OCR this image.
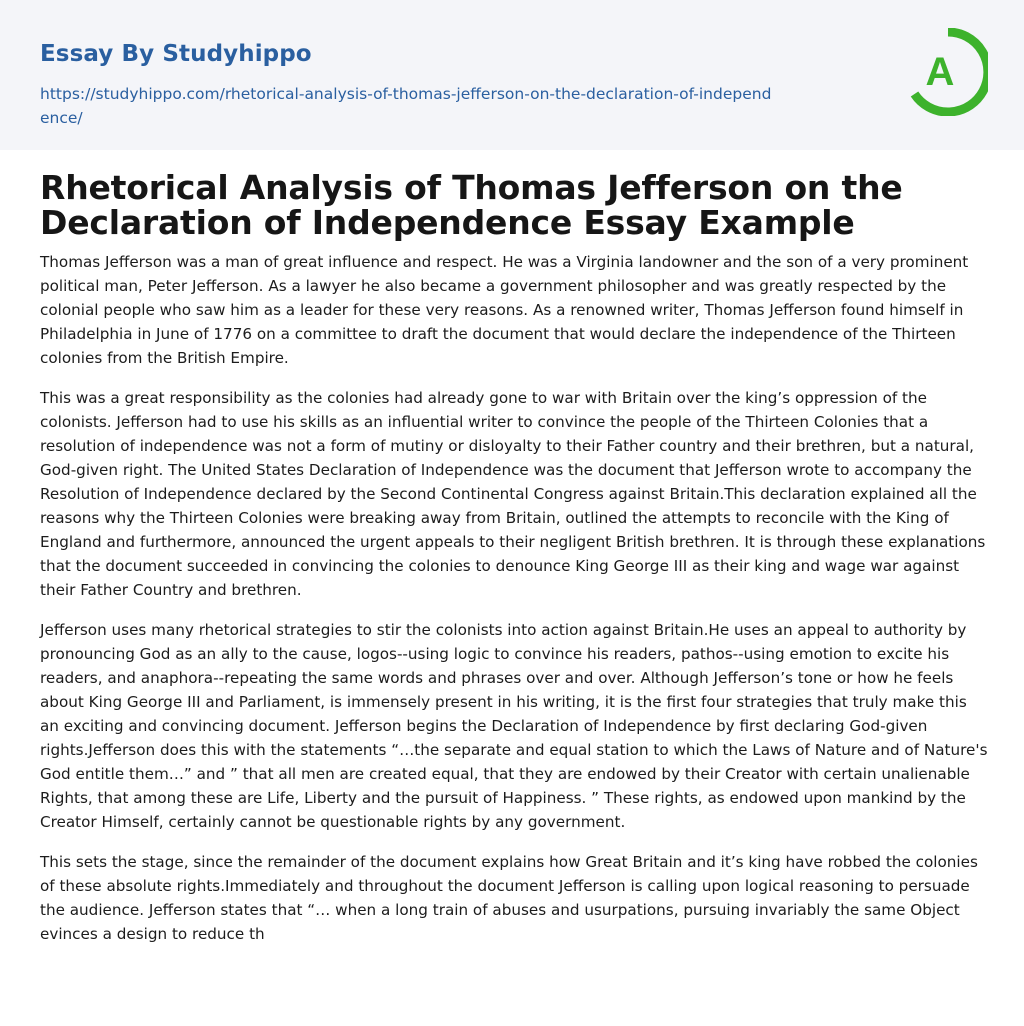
Essay By Studyhippo
https://studyhippo.com/rhetorical-analysis-of-thomas-jefferson-on-the-declaration-of-independence/
A
Rhetorical Analysis of Thomas Jefferson on the Declaration of Independence Essay Example

Thomas Jefferson was a man of great influence and respect. He was a Virginia landowner and the son of a very prominent political man, Peter Jefferson. As a lawyer he also became a government philosopher and was greatly respected by the colonial people who saw him as a leader for these very reasons. As a renowned writer, Thomas Jefferson found himself in Philadelphia in June of 1776 on a committee to draft the document that would declare the independence of the Thirteen colonies from the British Empire.

This was a great responsibility as the colonies had already gone to war with Britain over the king’s oppression of the colonists. Jefferson had to use his skills as an influential writer to convince the people of the Thirteen Colonies that a resolution of independence was not a form of mutiny or disloyalty to their Father country and their brethren, but a natural, God-given right. The United States Declaration of Independence was the document that Jefferson wrote to accompany the Resolution of Independence declared by the Second Continental Congress against Britain.This declaration explained all the reasons why the Thirteen Colonies were breaking away from Britain, outlined the attempts to reconcile with the King of England and furthermore, announced the urgent appeals to their negligent British brethren. It is through these explanations that the document succeeded in convincing the colonies to denounce King George III as their king and wage war against their Father Country and brethren.

Jefferson uses many rhetorical strategies to stir the colonists into action against Britain.He uses an appeal to authority by pronouncing God as an ally to the cause, logos--using logic to convince his readers, pathos--using emotion to excite his readers, and anaphora--repeating the same words and phrases over and over. Although Jefferson’s tone or how he feels about King George III and Parliament, is immensely present in his writing, it is the first four strategies that truly make this an exciting and convincing document. Jefferson begins the Declaration of Independence by first declaring God-given rights.Jefferson does this with the statements “…the separate and equal station to which the Laws of Nature and of Nature's God entitle them…” and ” that all men are created equal, that they are endowed by their Creator with certain unalienable Rights, that among these are Life, Liberty and the pursuit of Happiness. ” These rights, as endowed upon mankind by the Creator Himself, certainly cannot be questionable rights by any government.

This sets the stage, since the remainder of the document explains how Great Britain and it’s king have robbed the colonies of these absolute rights.Immediately and throughout the document Jefferson is calling upon logical reasoning to persuade the audience. Jefferson states that “… when a long train of abuses and usurpations, pursuing invariably the same Object evinces a design to reduce th
